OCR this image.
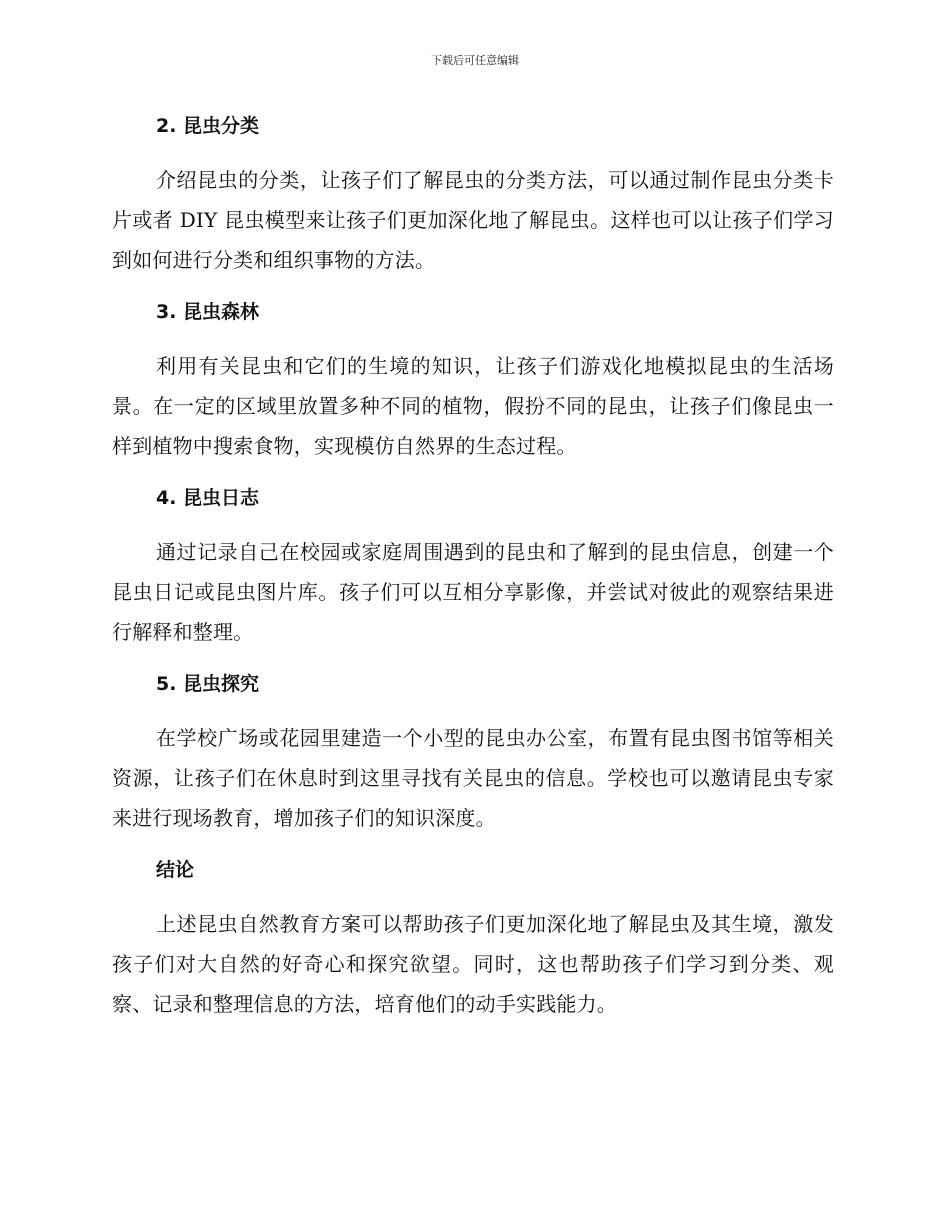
下载后可任意编辑
2. 昆虫分类

介绍昆虫的分类，让孩子们了解昆虫的分类方法，可以通过制作昆虫分类卡片或者 DIY 昆虫模型来让孩子们更加深化地了解昆虫。这样也可以让孩子们学习到如何进行分类和组织事物的方法。

3. 昆虫森林

利用有关昆虫和它们的生境的知识，让孩子们游戏化地模拟昆虫的生活场景。在一定的区域里放置多种不同的植物，假扮不同的昆虫，让孩子们像昆虫一样到植物中搜索食物，实现模仿自然界的生态过程。

4. 昆虫日志

通过记录自己在校园或家庭周围遇到的昆虫和了解到的昆虫信息，创建一个昆虫日记或昆虫图片库。孩子们可以互相分享影像，并尝试对彼此的观察结果进行解释和整理。

5. 昆虫探究

在学校广场或花园里建造一个小型的昆虫办公室，布置有昆虫图书馆等相关资源，让孩子们在休息时到这里寻找有关昆虫的信息。学校也可以邀请昆虫专家来进行现场教育，增加孩子们的知识深度。

结论

上述昆虫自然教育方案可以帮助孩子们更加深化地了解昆虫及其生境，激发孩子们对大自然的好奇心和探究欲望。同时，这也帮助孩子们学习到分类、观察、记录和整理信息的方法，培育他们的动手实践能力。
